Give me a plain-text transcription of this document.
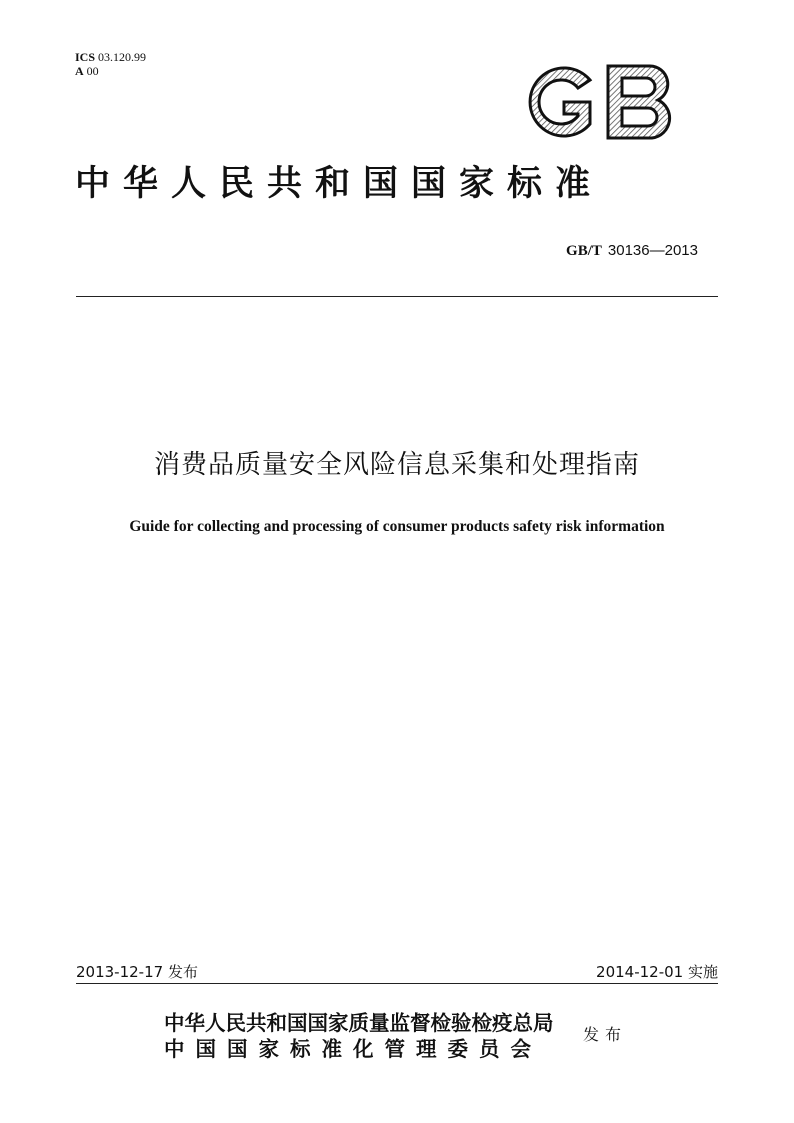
ICS 03.120.99
A 00
GB
中华人民共和国国家标准
GB/T 30136—2013
消费品质量安全风险信息采集和处理指南
Guide for collecting and processing of consumer products safety risk information
2013-12-17 发布	2014-12-01 实施
中华人民共和国国家质量监督检验检疫总局
中国国家标准化管理委员会
发布
